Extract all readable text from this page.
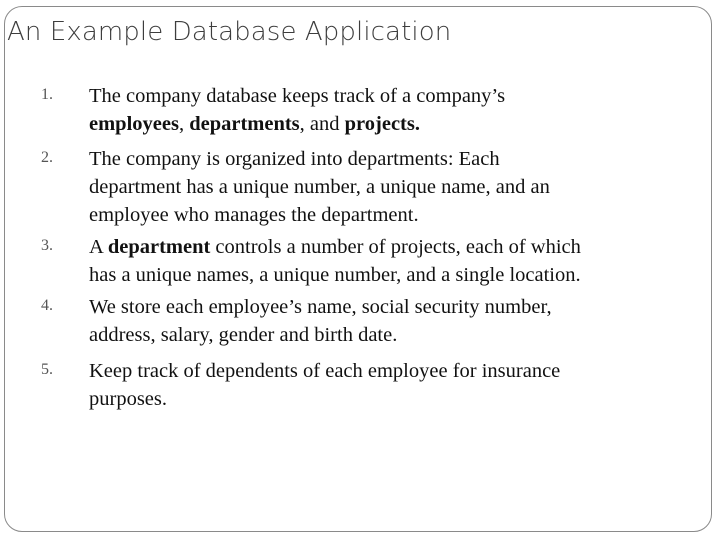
An Example Database Application
1. The company database keeps track of a company’s
employees, departments, and projects.
2. The company is organized into departments: Each
department has a unique number, a unique name, and an
employee who manages the department.
3. A department controls a number of projects, each of which
has a unique names, a unique number, and a single location.
4. We store each employee’s name, social security number,
address, salary, gender and birth date.
5. Keep track of dependents of each employee for insurance
purposes.
